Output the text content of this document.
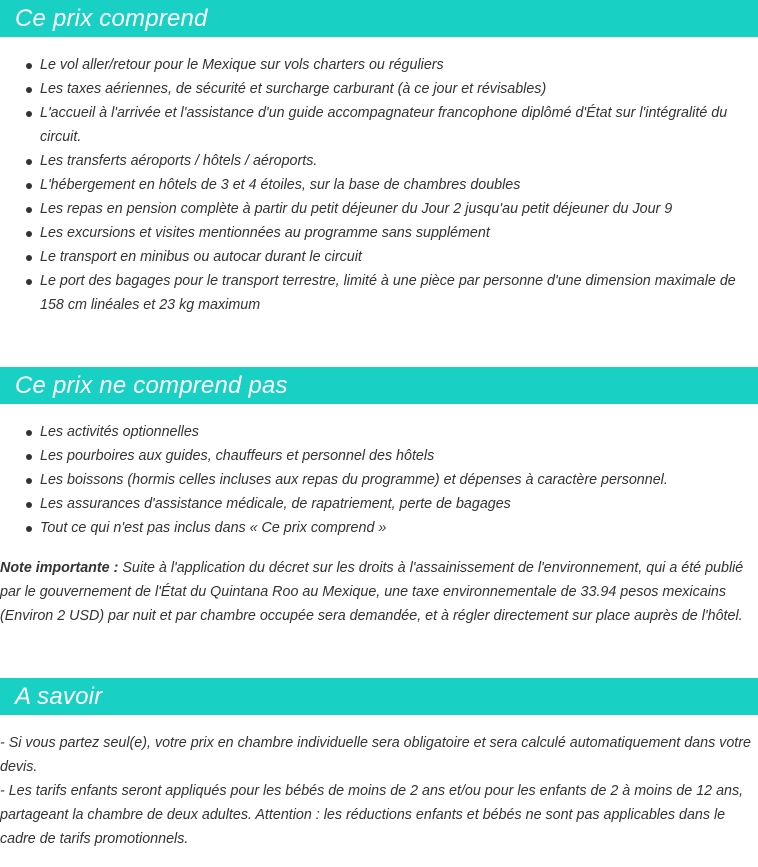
Ce prix comprend
Le vol aller/retour pour le Mexique sur vols charters ou réguliers
Les taxes aériennes, de sécurité et surcharge carburant (à ce jour et révisables)
L'accueil à l'arrivée et l'assistance d'un guide accompagnateur francophone diplômé d'État sur l'intégralité du circuit.
Les transferts aéroports / hôtels / aéroports.
L'hébergement en hôtels de 3 et 4 étoiles, sur la base de chambres doubles
Les repas en pension complète à partir du petit déjeuner du Jour 2 jusqu'au petit déjeuner du Jour 9
Les excursions et visites mentionnées au programme sans supplément
Le transport en minibus ou autocar durant le circuit
Le port des bagages pour le transport terrestre, limité à une pièce par personne d'une dimension maximale de 158 cm linéales et 23 kg maximum
Ce prix ne comprend pas
Les activités optionnelles
Les pourboires aux guides, chauffeurs et personnel des hôtels
Les boissons (hormis celles incluses aux repas du programme) et dépenses à caractère personnel.
Les assurances d'assistance médicale, de rapatriement, perte de bagages
Tout ce qui n'est pas inclus dans « Ce prix comprend »

Note importante : Suite à l'application du décret sur les droits à l'assainissement de l'environnement, qui a été publié par le gouvernement de l'État du Quintana Roo au Mexique, une taxe environnementale de 33.94 pesos mexicains (Environ 2 USD) par nuit et par chambre occupée sera demandée, et à régler directement sur place auprès de l'hôtel.

A savoir

- Si vous partez seul(e), votre prix en chambre individuelle sera obligatoire et sera calculé automatiquement dans votre devis.

- Les tarifs enfants seront appliqués pour les bébés de moins de 2 ans et/ou pour les enfants de 2 à moins de 12 ans, partageant la chambre de deux adultes. Attention : les réductions enfants et bébés ne sont pas applicables dans le cadre de tarifs promotionnels.
